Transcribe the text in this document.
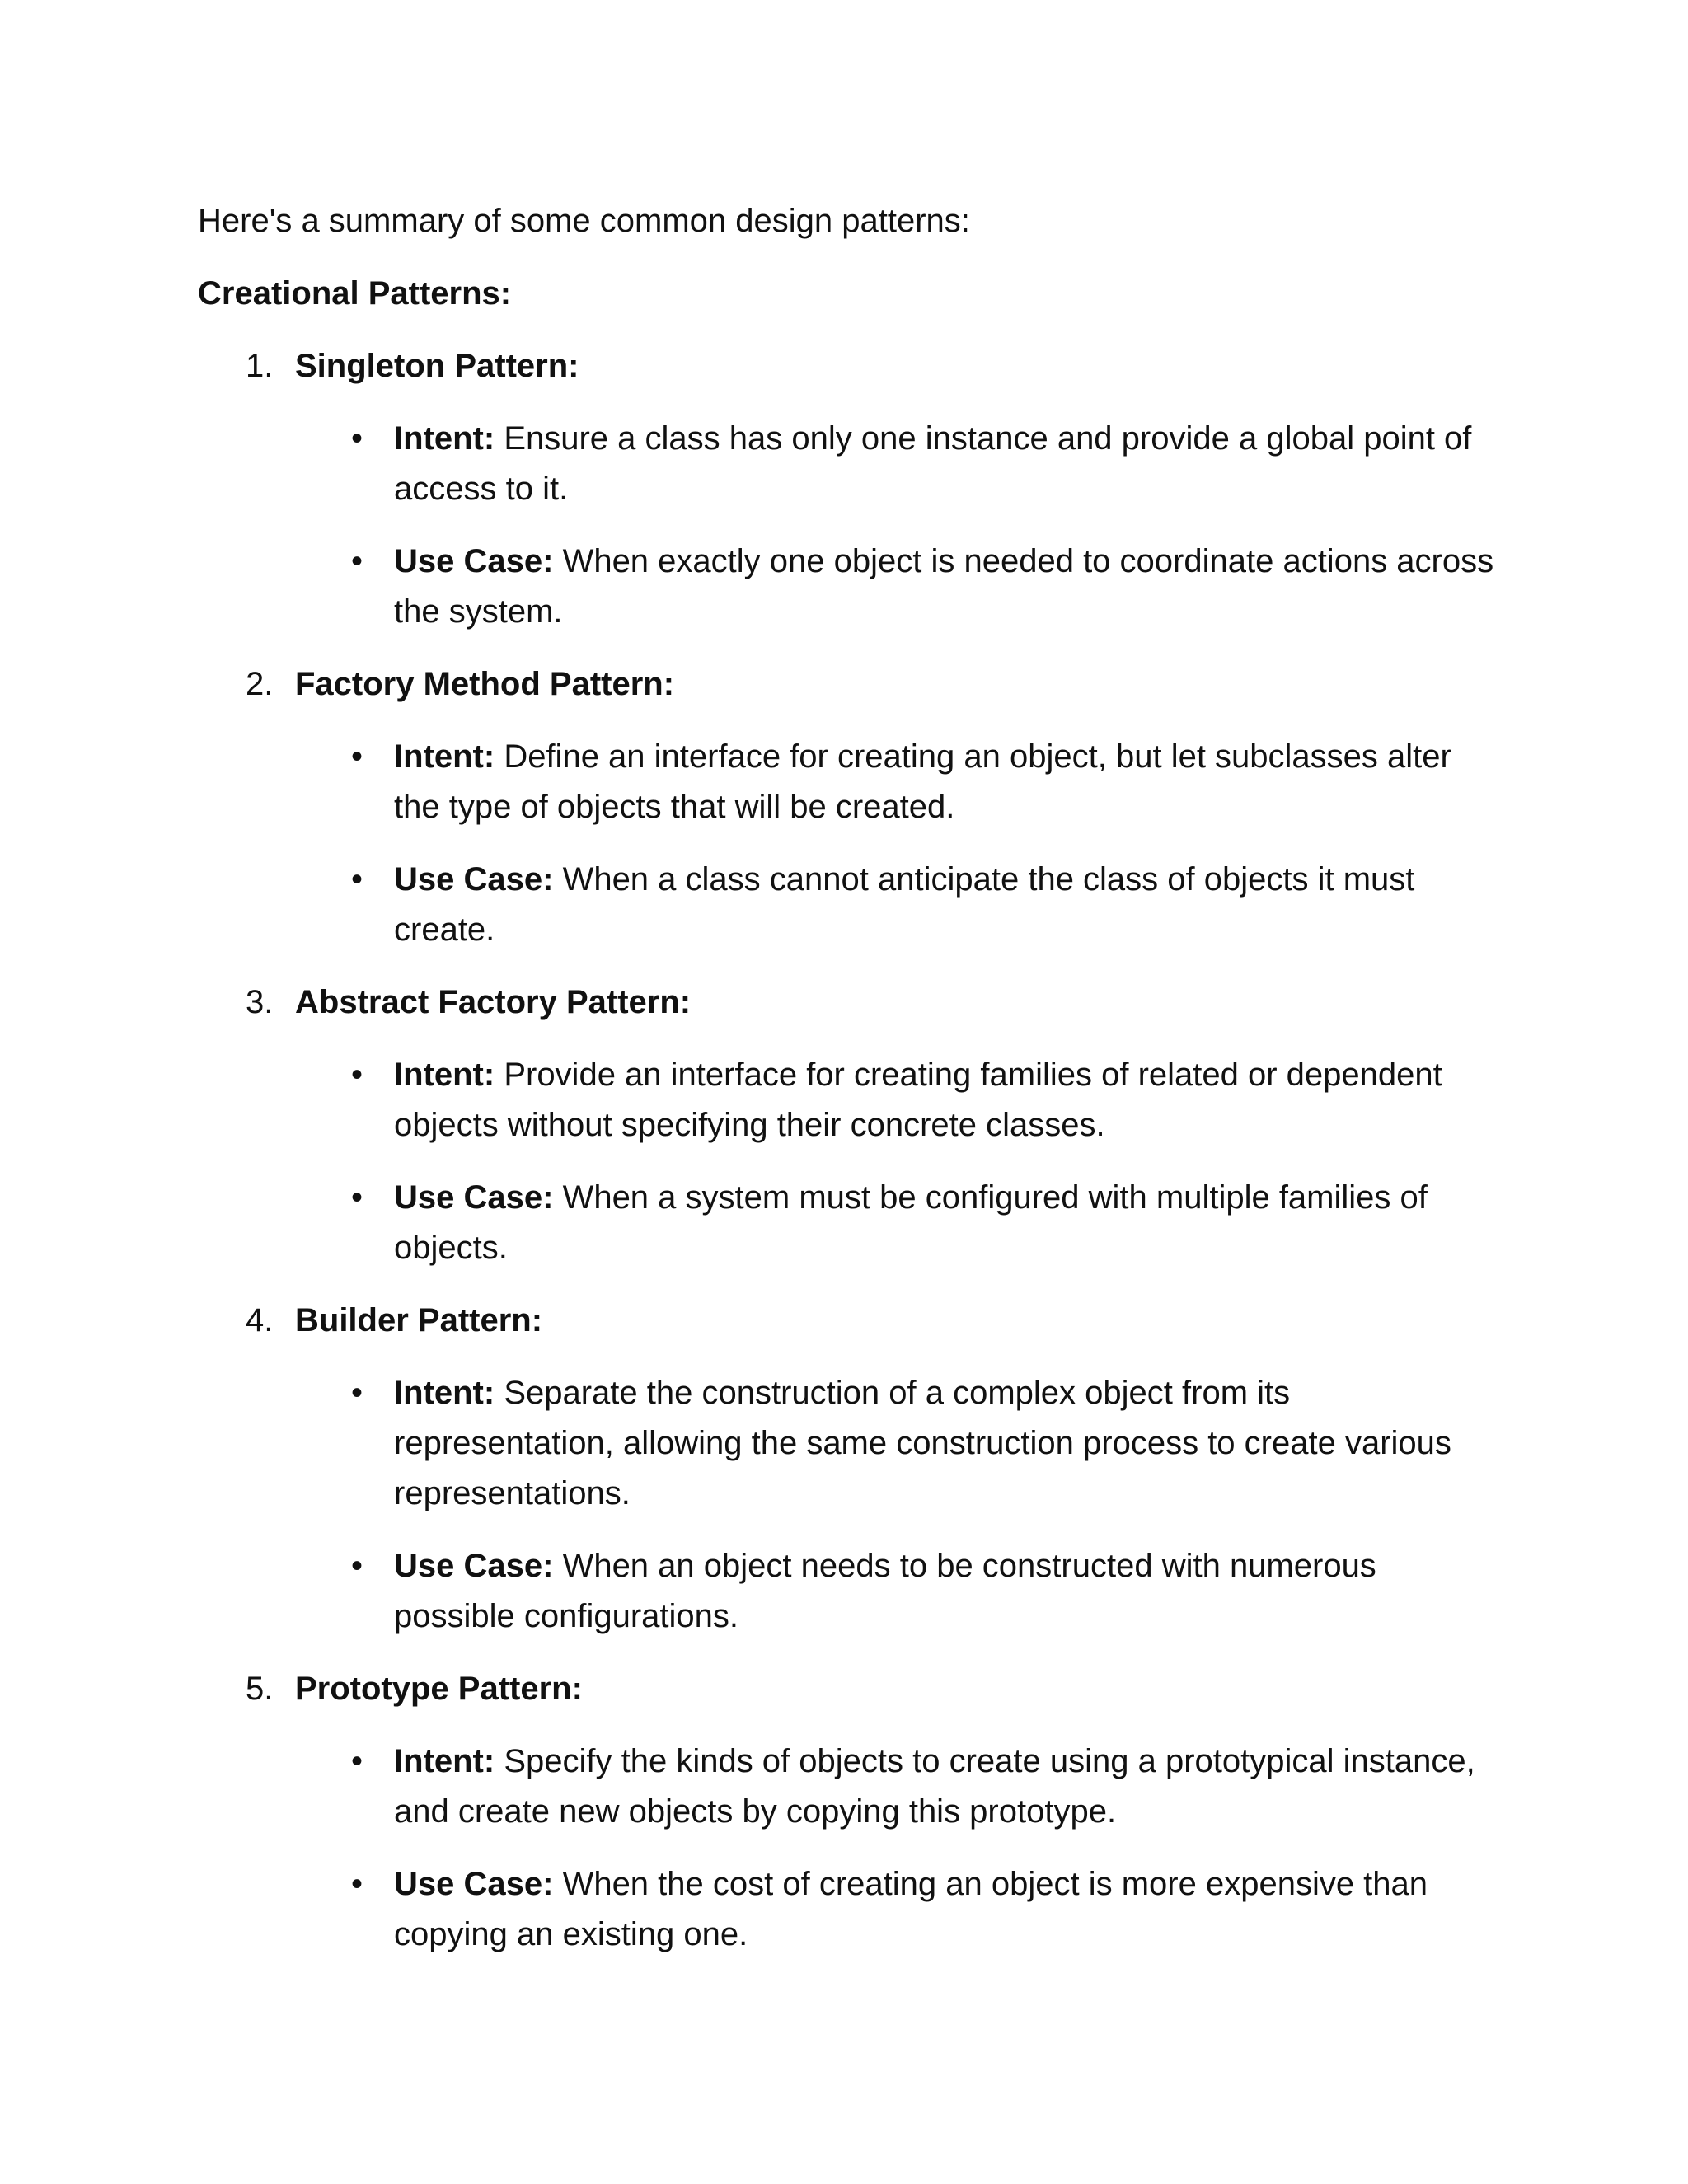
Here's a summary of some common design patterns:

Creational Patterns:

1. Singleton Pattern:
• Intent: Ensure a class has only one instance and provide a global point of access to it.
• Use Case: When exactly one object is needed to coordinate actions across the system.
2. Factory Method Pattern:
• Intent: Define an interface for creating an object, but let subclasses alter the type of objects that will be created.
• Use Case: When a class cannot anticipate the class of objects it must create.
3. Abstract Factory Pattern:
• Intent: Provide an interface for creating families of related or dependent objects without specifying their concrete classes.
• Use Case: When a system must be configured with multiple families of objects.
4. Builder Pattern:
• Intent: Separate the construction of a complex object from its representation, allowing the same construction process to create various representations.
• Use Case: When an object needs to be constructed with numerous possible configurations.
5. Prototype Pattern:
• Intent: Specify the kinds of objects to create using a prototypical instance, and create new objects by copying this prototype.
• Use Case: When the cost of creating an object is more expensive than copying an existing one.
